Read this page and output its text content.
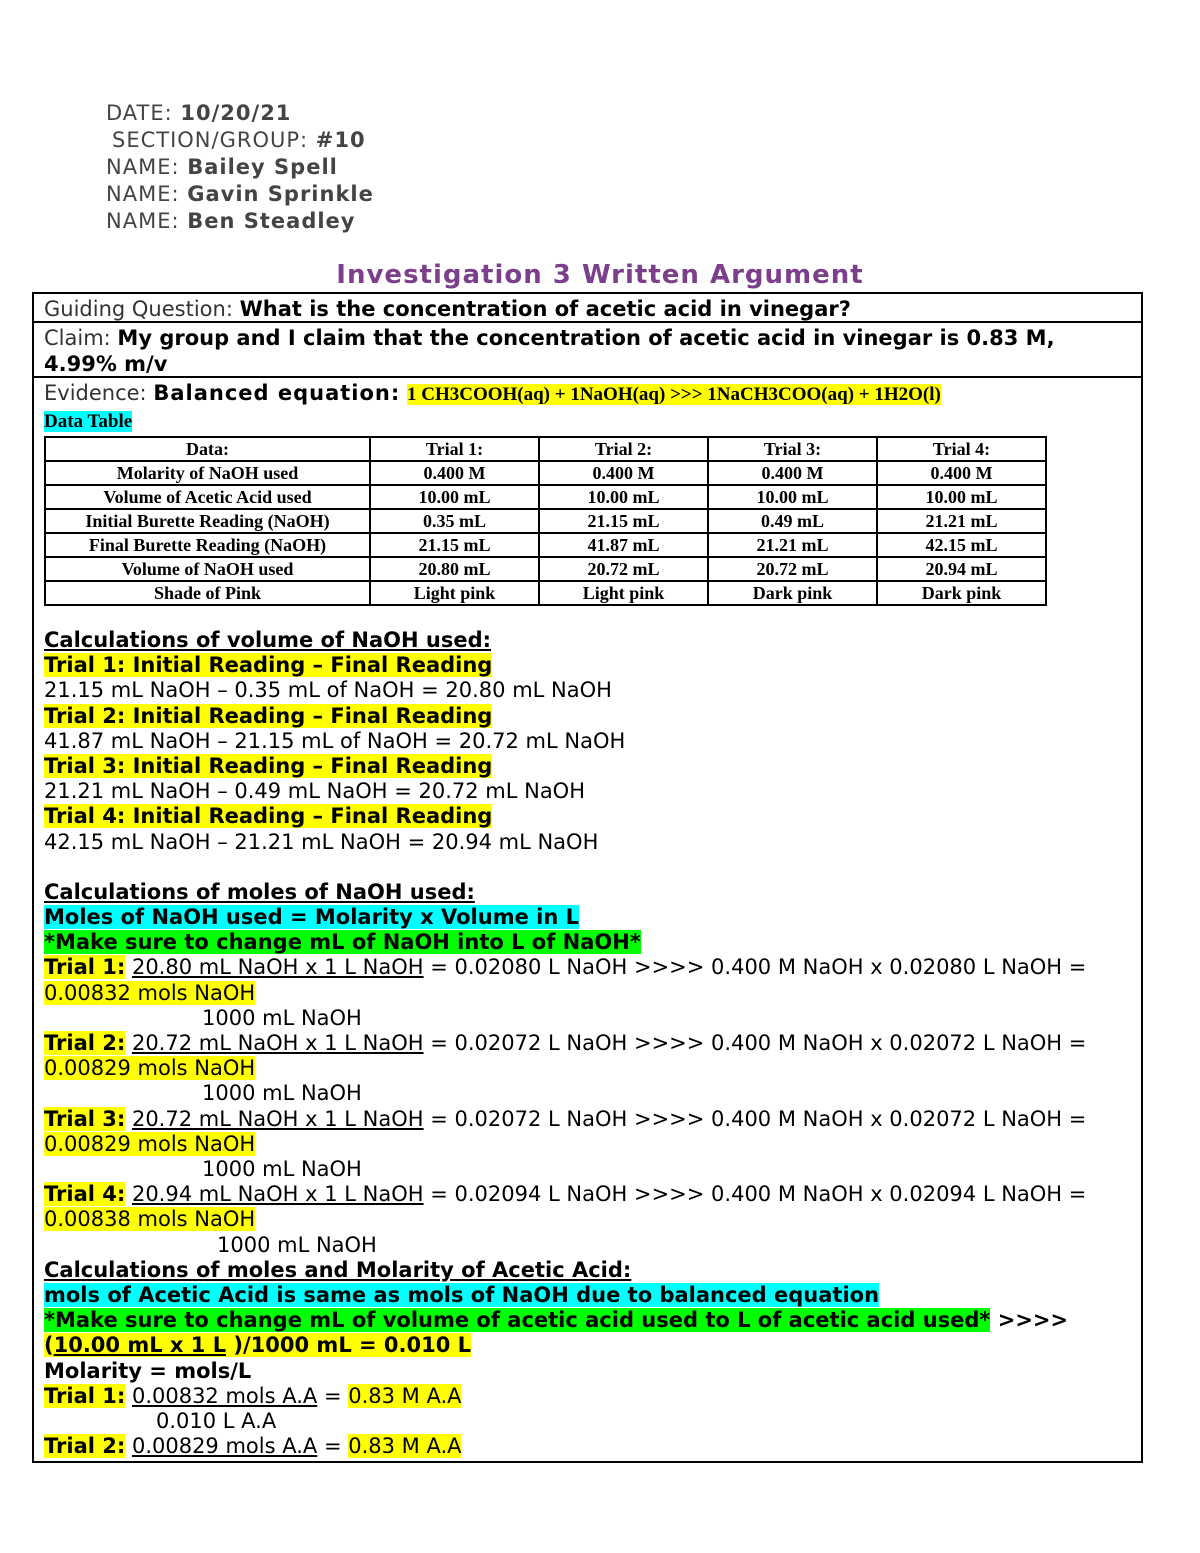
DATE: 10/20/21
SECTION/GROUP: #10
NAME: Bailey Spell
NAME: Gavin Sprinkle
NAME: Ben Steadley
Investigation 3 Written Argument
Guiding Question: What is the concentration of acetic acid in vinegar?
Claim: My group and I claim that the concentration of acetic acid in vinegar is 0.83 M, 4.99% m/v
Evidence: Balanced equation: 1 CH3COOH(aq) + 1NaOH(aq) >>> 1NaCH3COO(aq) + 1H2O(l)
Data Table
Data:	Trial 1:	Trial 2:	Trial 3:	Trial 4:
Molarity of NaOH used	0.400 M	0.400 M	0.400 M	0.400 M
Volume of Acetic Acid used	10.00 mL	10.00 mL	10.00 mL	10.00 mL
Initial Burette Reading (NaOH)	0.35 mL	21.15 mL	0.49 mL	21.21 mL
Final Burette Reading (NaOH)	21.15 mL	41.87 mL	21.21 mL	42.15 mL
Volume of NaOH used	20.80 mL	20.72 mL	20.72 mL	20.94 mL
Shade of Pink	Light pink	Light pink	Dark pink	Dark pink
Calculations of volume of NaOH used:
Trial 1: Initial Reading – Final Reading
21.15 mL NaOH – 0.35 mL of NaOH = 20.80 mL NaOH
Trial 2: Initial Reading – Final Reading
41.87 mL NaOH – 21.15 mL of NaOH = 20.72 mL NaOH
Trial 3: Initial Reading – Final Reading
21.21 mL NaOH – 0.49 mL NaOH = 20.72 mL NaOH
Trial 4: Initial Reading – Final Reading
42.15 mL NaOH – 21.21 mL NaOH = 20.94 mL NaOH
Calculations of moles of NaOH used:
Moles of NaOH used = Molarity x Volume in L
*Make sure to change mL of NaOH into L of NaOH*
Trial 1: 20.80 mL NaOH x 1 L NaOH = 0.02080 L NaOH >>>> 0.400 M NaOH x 0.02080 L NaOH =
0.00832 mols NaOH
1000 mL NaOH
Trial 2: 20.72 mL NaOH x 1 L NaOH = 0.02072 L NaOH >>>> 0.400 M NaOH x 0.02072 L NaOH =
0.00829 mols NaOH
1000 mL NaOH
Trial 3: 20.72 mL NaOH x 1 L NaOH = 0.02072 L NaOH >>>> 0.400 M NaOH x 0.02072 L NaOH =
0.00829 mols NaOH
1000 mL NaOH
Trial 4: 20.94 mL NaOH x 1 L NaOH = 0.02094 L NaOH >>>> 0.400 M NaOH x 0.02094 L NaOH =
0.00838 mols NaOH
1000 mL NaOH
Calculations of moles and Molarity of Acetic Acid:
mols of Acetic Acid is same as mols of NaOH due to balanced equation
*Make sure to change mL of volume of acetic acid used to L of acetic acid used* >>>>
(10.00 mL x 1 L )/1000 mL = 0.010 L
Molarity = mols/L
Trial 1: 0.00832 mols A.A = 0.83 M A.A
0.010 L A.A
Trial 2: 0.00829 mols A.A = 0.83 M A.A
